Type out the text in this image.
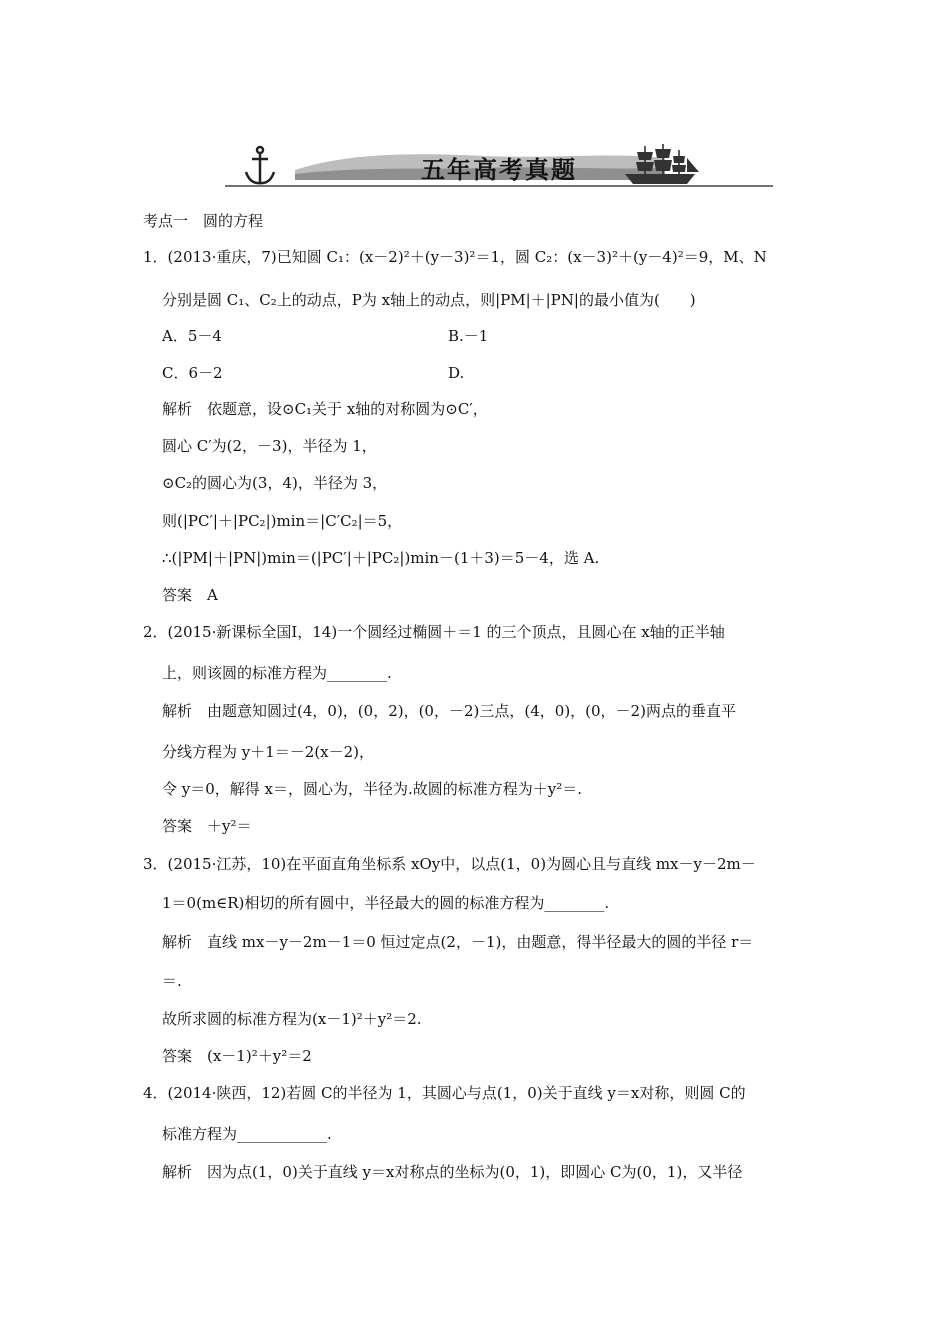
五年高考真题
考点一　圆的方程
1．(2013·重庆，7)已知圆 C₁：(x－2)²＋(y－3)²＝1，圆 C₂：(x－3)²＋(y－4)²＝9，M、N
分别是圆 C₁、C₂上的动点，P为 x轴上的动点，则|PM|＋|PN|的最小值为(　　)
A．5－4	B.－1
C．6－2	D.
解析　依题意，设⊙C₁关于 x轴的对称圆为⊙C′，
圆心 C′为(2，－3)，半径为 1，
⊙C₂的圆心为(3，4)，半径为 3，
则(|PC′|＋|PC₂|)min＝|C′C₂|＝5，
∴(|PM|＋|PN|)min＝(|PC′|＋|PC₂|)min－(1＋3)＝5－4，选 A.
答案　A
2．(2015·新课标全国Ⅰ，14)一个圆经过椭圆＋＝1 的三个顶点，且圆心在 x轴的正半轴
上，则该圆的标准方程为________.
解析　由题意知圆过(4，0)，(0，2)，(0，－2)三点，(4，0)，(0，－2)两点的垂直平
分线方程为 y＋1＝－2(x－2)，
令 y＝0，解得 x＝，圆心为，半径为.故圆的标准方程为＋y²＝.
答案　＋y²＝
3．(2015·江苏，10)在平面直角坐标系 xOy中，以点(1，0)为圆心且与直线 mx－y－2m－
1＝0(m∈R)相切的所有圆中，半径最大的圆的标准方程为________.
解析　直线 mx－y－2m－1＝0 恒过定点(2，－1)，由题意，得半径最大的圆的半径 r＝
＝.
故所求圆的标准方程为(x－1)²＋y²＝2.
答案　(x－1)²＋y²＝2
4．(2014·陕西，12)若圆 C的半径为 1，其圆心与点(1，0)关于直线 y＝x对称，则圆 C的
标准方程为____________.
解析　因为点(1，0)关于直线 y＝x对称点的坐标为(0，1)，即圆心 C为(0，1)，又半径
